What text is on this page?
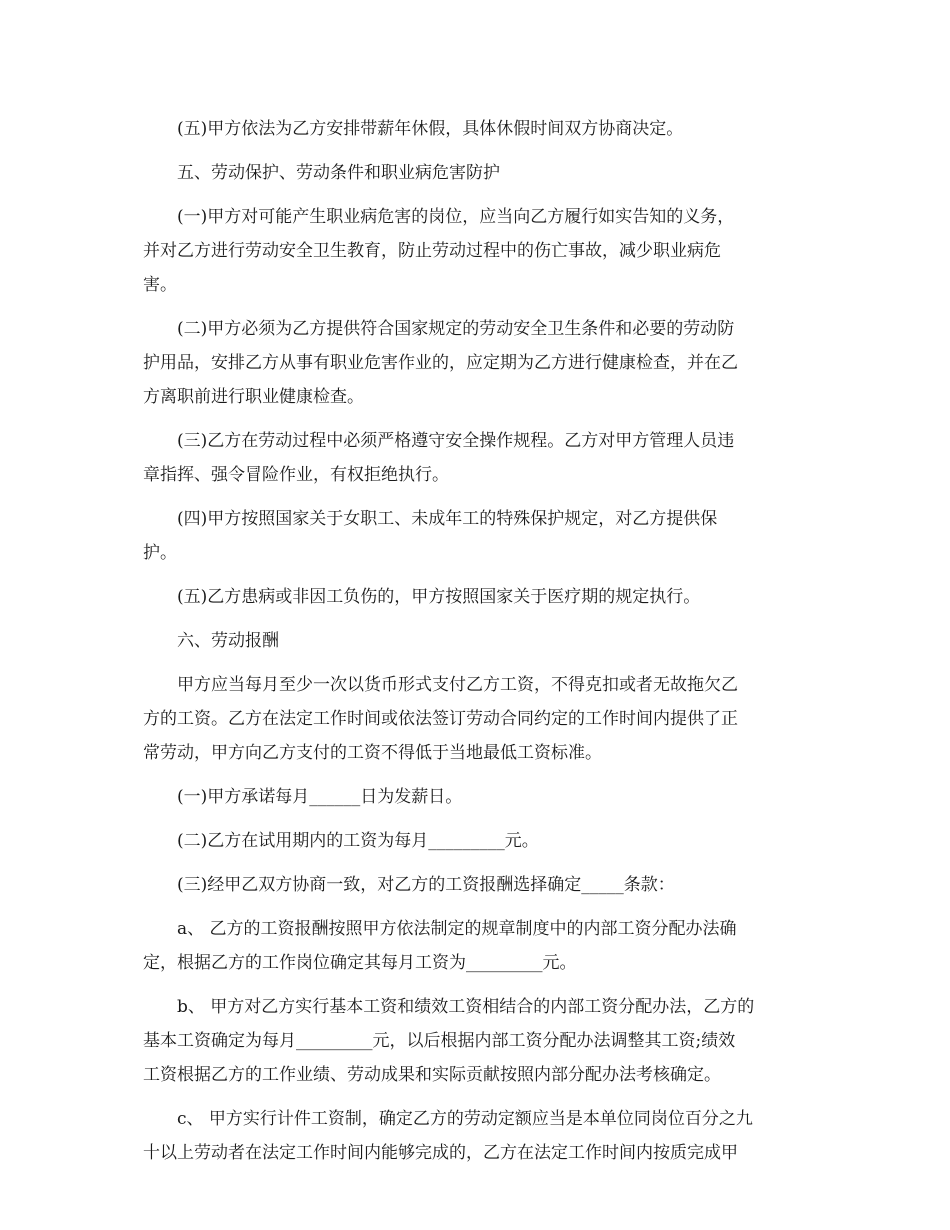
(五)甲方依法为乙方安排带薪年休假，具体休假时间双方协商决定。
五、劳动保护、劳动条件和职业病危害防护
(一)甲方对可能产生职业病危害的岗位，应当向乙方履行如实告知的义务，
并对乙方进行劳动安全卫生教育，防止劳动过程中的伤亡事故，减少职业病危
害。
(二)甲方必须为乙方提供符合国家规定的劳动安全卫生条件和必要的劳动防
护用品，安排乙方从事有职业危害作业的，应定期为乙方进行健康检查，并在乙
方离职前进行职业健康检查。
(三)乙方在劳动过程中必须严格遵守安全操作规程。乙方对甲方管理人员违
章指挥、强令冒险作业，有权拒绝执行。
(四)甲方按照国家关于女职工、未成年工的特殊保护规定，对乙方提供保
护。
(五)乙方患病或非因工负伤的，甲方按照国家关于医疗期的规定执行。
六、劳动报酬
甲方应当每月至少一次以货币形式支付乙方工资，不得克扣或者无故拖欠乙
方的工资。乙方在法定工作时间或依法签订劳动合同约定的工作时间内提供了正
常劳动，甲方向乙方支付的工资不得低于当地最低工资标准。
(一)甲方承诺每月______日为发薪日。
(二)乙方在试用期内的工资为每月_________元。
(三)经甲乙双方协商一致，对乙方的工资报酬选择确定_____条款：
a、 乙方的工资报酬按照甲方依法制定的规章制度中的内部工资分配办法确
定，根据乙方的工作岗位确定其每月工资为_________元。
b、 甲方对乙方实行基本工资和绩效工资相结合的内部工资分配办法，乙方的
基本工资确定为每月_________元，以后根据内部工资分配办法调整其工资;绩效
工资根据乙方的工作业绩、劳动成果和实际贡献按照内部分配办法考核确定。
c、 甲方实行计件工资制，确定乙方的劳动定额应当是本单位同岗位百分之九
十以上劳动者在法定工作时间内能够完成的，乙方在法定工作时间内按质完成甲
